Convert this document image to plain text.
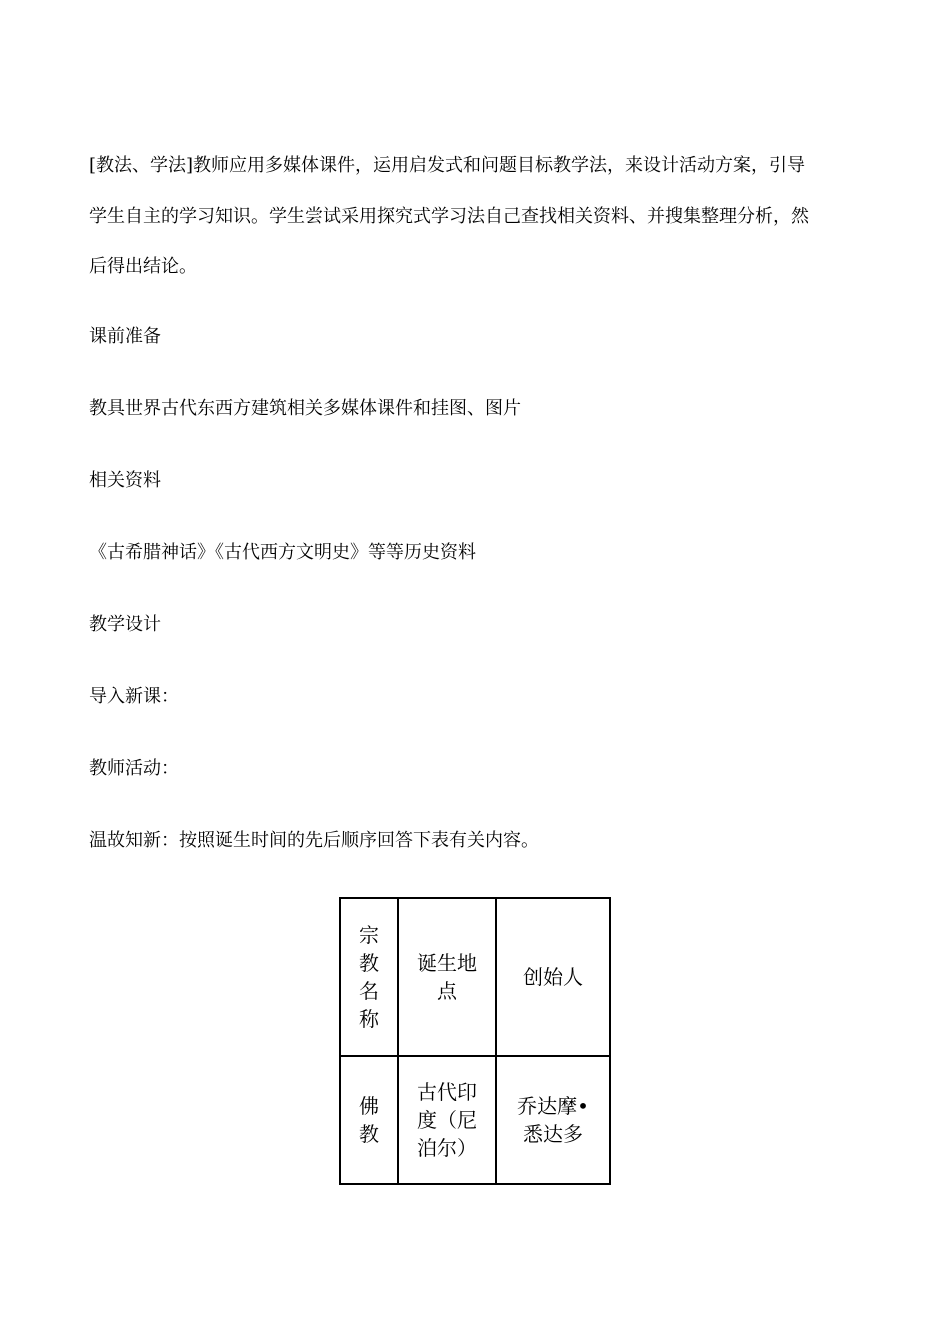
[教法、学法]教师应用多媒体课件，运用启发式和问题目标教学法，来设计活动方案，引导

学生自主的学习知识。学生尝试采用探究式学习法自己查找相关资料、并搜集整理分析，然

后得出结论。

课前准备

教具世界古代东西方建筑相关多媒体课件和挂图、图片

相关资料

《古希腊神话》《古代西方文明史》等等历史资料

教学设计

导入新课：

教师活动：

温故知新：按照诞生时间的先后顺序回答下表有关内容。

宗教名称	诞生地点	创始人
佛教	古代印度（尼泊尔）	乔达摩•悉达多
